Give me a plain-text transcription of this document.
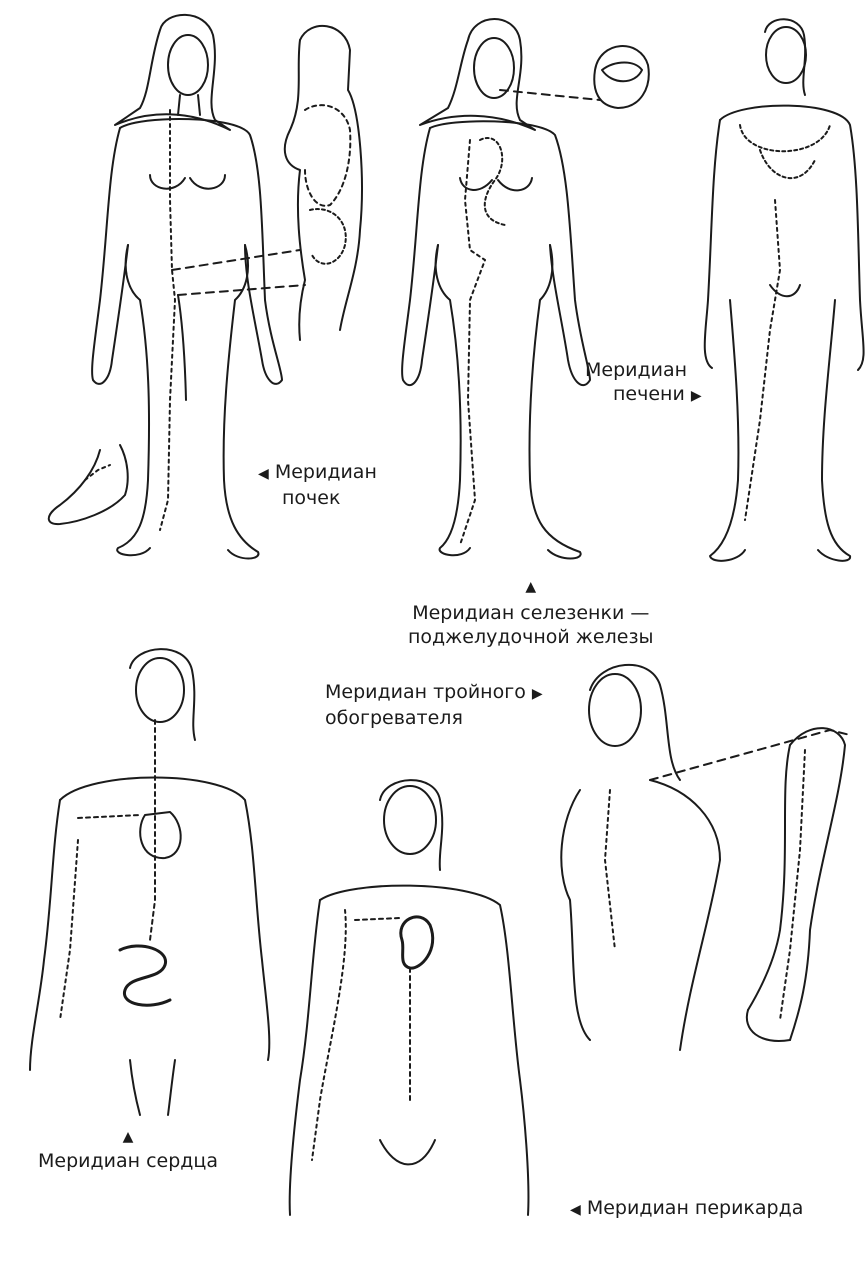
◀ Меридиан
почек
Меридиан
печени ▶
▲
Меридиан селезенки —
поджелудочной железы
Меридиан тройного ▶
обогревателя
▲
Меридиан сердца
◀ Меридиан перикарда
